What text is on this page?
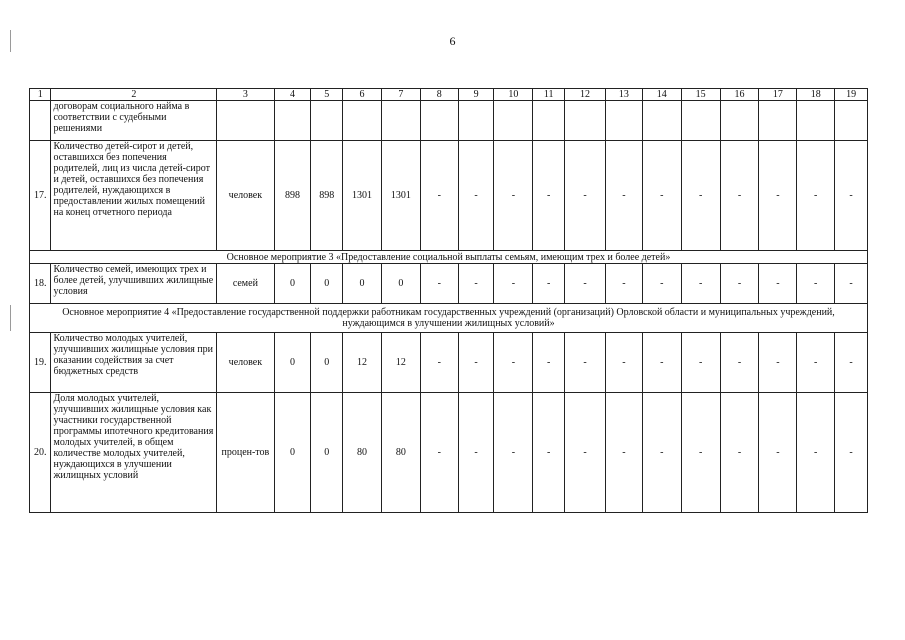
6
1	2	3	4	5	6	7	8	9	10	11	12	13	14	15	16	17	18	19
	договорам социального найма в соответствии с судебными решениями																	
17.	Количество детей-сирот и детей, оставшихся без попечения родителей, лиц из числа детей-сирот и детей, оставшихся без попечения родителей, нуждающихся в предоставлении жилых помещений на конец отчетного периода	человек	898	898	1301	1301	-	-	-	-	-	-	-	-	-	-	-	-
Основное мероприятие 3 «Предоставление социальной выплаты семьям, имеющим трех и более детей»																		
18.	Количество семей, имеющих трех и более детей, улучшивших жилищные условия	семей	0	0	0	0	-	-	-	-	-	-	-	-	-	-	-	-
Основное мероприятие 4 «Предоставление государственной поддержки работникам государственных учреждений (организаций) Орловской области и муниципальных учреждений, нуждающимся в улучшении жилищных условий»																		
19.	Количество молодых учителей, улучшивших жилищные условия при оказании содействия за счет бюджетных средств	человек	0	0	12	12	-	-	-	-	-	-	-	-	-	-	-	-
20.	Доля молодых учителей, улучшивших жилищные условия как участники государственной программы ипотечного кредитования молодых учителей, в общем количестве молодых учителей, нуждающихся в улучшении жилищных условий	процен-тов	0	0	80	80	-	-	-	-	-	-	-	-	-	-	-	-
